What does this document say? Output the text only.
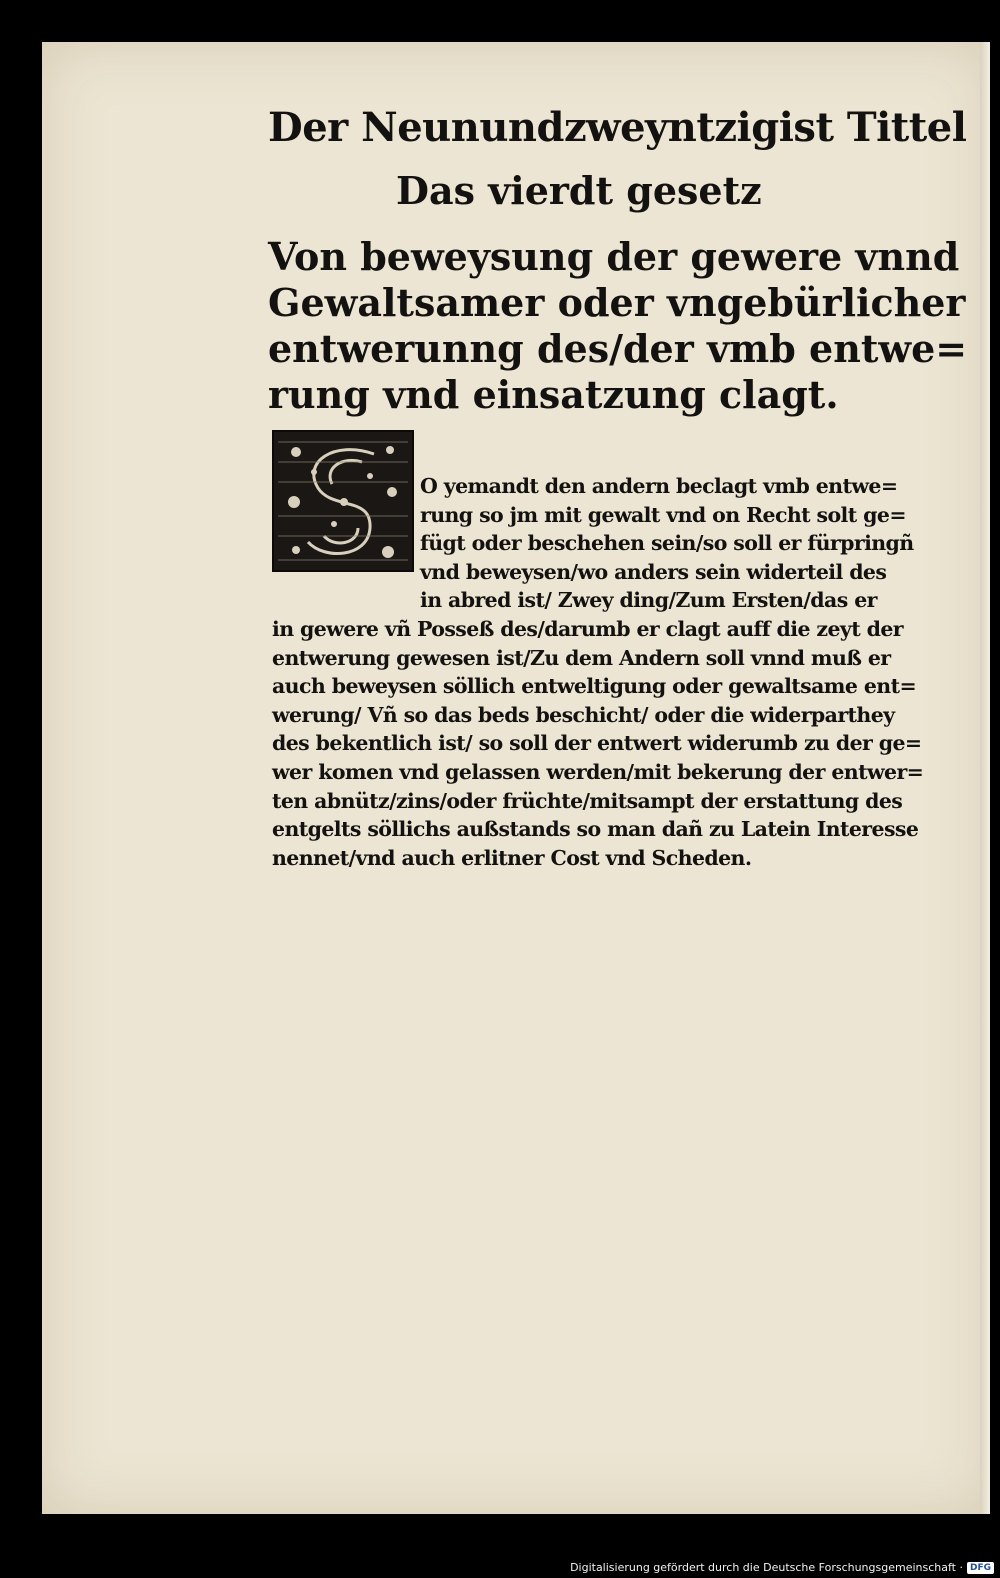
Der Neunundzweyntzigist Tittel
Das vierdt gesetz
Von beweysung der gewere vnnd
Gewaltsamer oder vngebürlicher
entwerunng des/der vmb entwe=
rung vnd einsatzung clagt.
O yemandt den andern beclagt vmb entwe=
rung so jm mit gewalt vnd on Recht solt ge=
fügt oder beschehen sein/so soll er fürpringñ
vnd beweysen/wo anders sein widerteil des
in abred ist/ Zwey ding/Zum Ersten/das er
in gewere vñ Posseß des/darumb er clagt auff die zeyt der
entwerung gewesen ist/Zu dem Andern soll vnnd muß er
auch beweysen söllich entweltigung oder gewaltsame ent=
werung/ Vñ so das beds beschicht/ oder die widerparthey
des bekentlich ist/ so soll der entwert widerumb zu der ge=
wer komen vnd gelassen werden/mit bekerung der entwer=
ten abnütz/zins/oder früchte/mitsampt der erstattung des
entgelts söllichs außstands so man dañ zu Latein Interesse
nennet/vnd auch erlitner Cost vnd Scheden.
Digitalisierung gefördert durch die Deutsche Forschungsgemeinschaft · DFG
